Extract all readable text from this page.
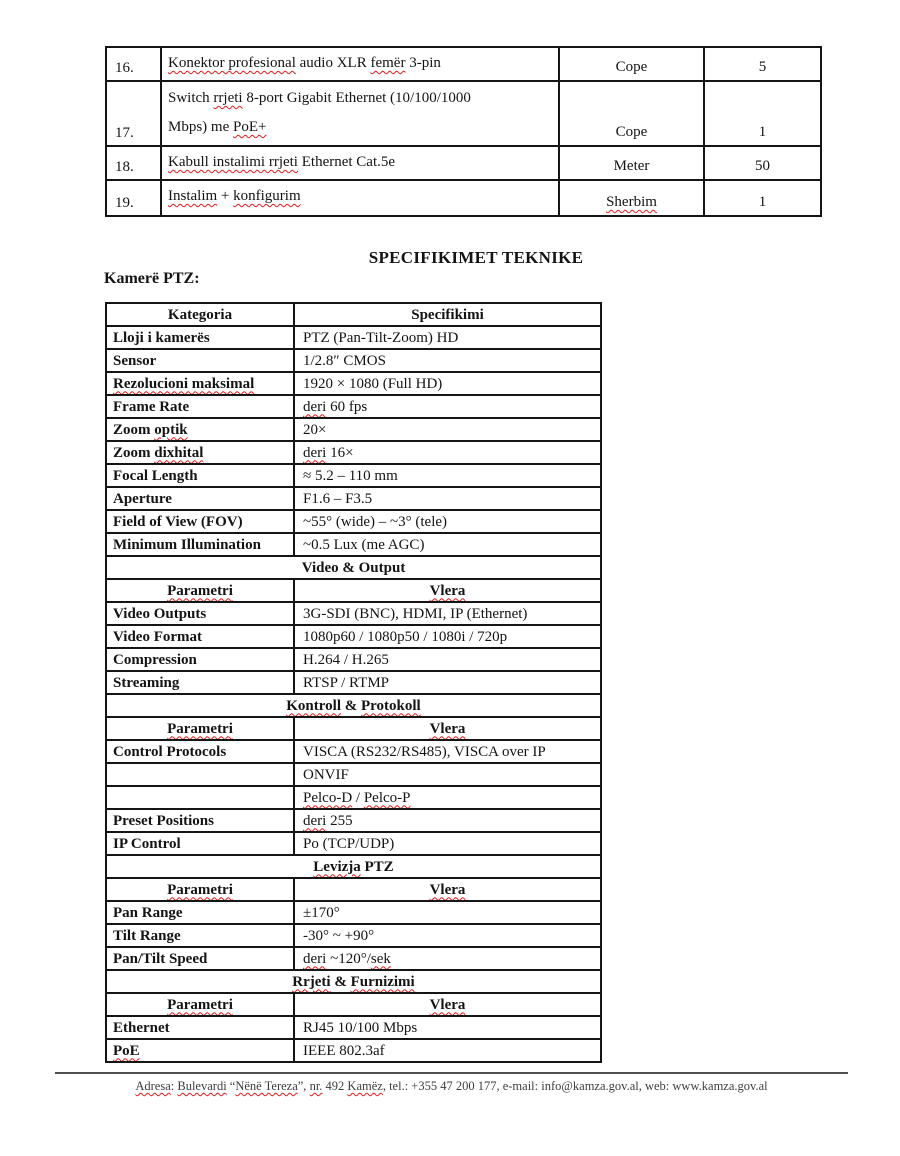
16.	Konektor profesional audio XLR femër 3-pin	Cope	5
17.	Switch rrjeti 8-port Gigabit Ethernet (10/100/1000
Mbps) me PoE+	Cope	1
18.	Kabull instalimi rrjeti Ethernet Cat.5e	Meter	50
19.	Instalim + konfigurim	Sherbim	1
SPECIFIKIMET TEKNIKE
Kamerë PTZ:
Kategoria	Specifikimi
Lloji i kamerës	PTZ (Pan-Tilt-Zoom) HD
Sensor	1/2.8″ CMOS
Rezolucioni maksimal	1920 × 1080 (Full HD)
Frame Rate	deri 60 fps
Zoom optik	20×
Zoom dixhital	deri 16×
Focal Length	≈ 5.2 – 110 mm
Aperture	F1.6 – F3.5
Field of View (FOV)	~55° (wide) – ~3° (tele)
Minimum Illumination	~0.5 Lux (me AGC)
Video & Output	
Parametri	Vlera
Video Outputs	3G-SDI (BNC), HDMI, IP (Ethernet)
Video Format	1080p60 / 1080p50 / 1080i / 720p
Compression	H.264 / H.265
Streaming	RTSP / RTMP
Kontroll & Protokoll	
Parametri	Vlera
Control Protocols	VISCA (RS232/RS485), VISCA over IP
	ONVIF
	Pelco-D / Pelco-P
Preset Positions	deri 255
IP Control	Po (TCP/UDP)
Levizja PTZ	
Parametri	Vlera
Pan Range	±170°
Tilt Range	-30° ~ +90°
Pan/Tilt Speed	deri ~120°/sek
Rrjeti & Furnizimi	
Parametri	Vlera
Ethernet	RJ45 10/100 Mbps
PoE	IEEE 802.3af
Adresa: Bulevardi “Nënë Tereza”, nr. 492 Kamëz, tel.: +355 47 200 177, e-mail: info@kamza.gov.al, web: www.kamza.gov.al
